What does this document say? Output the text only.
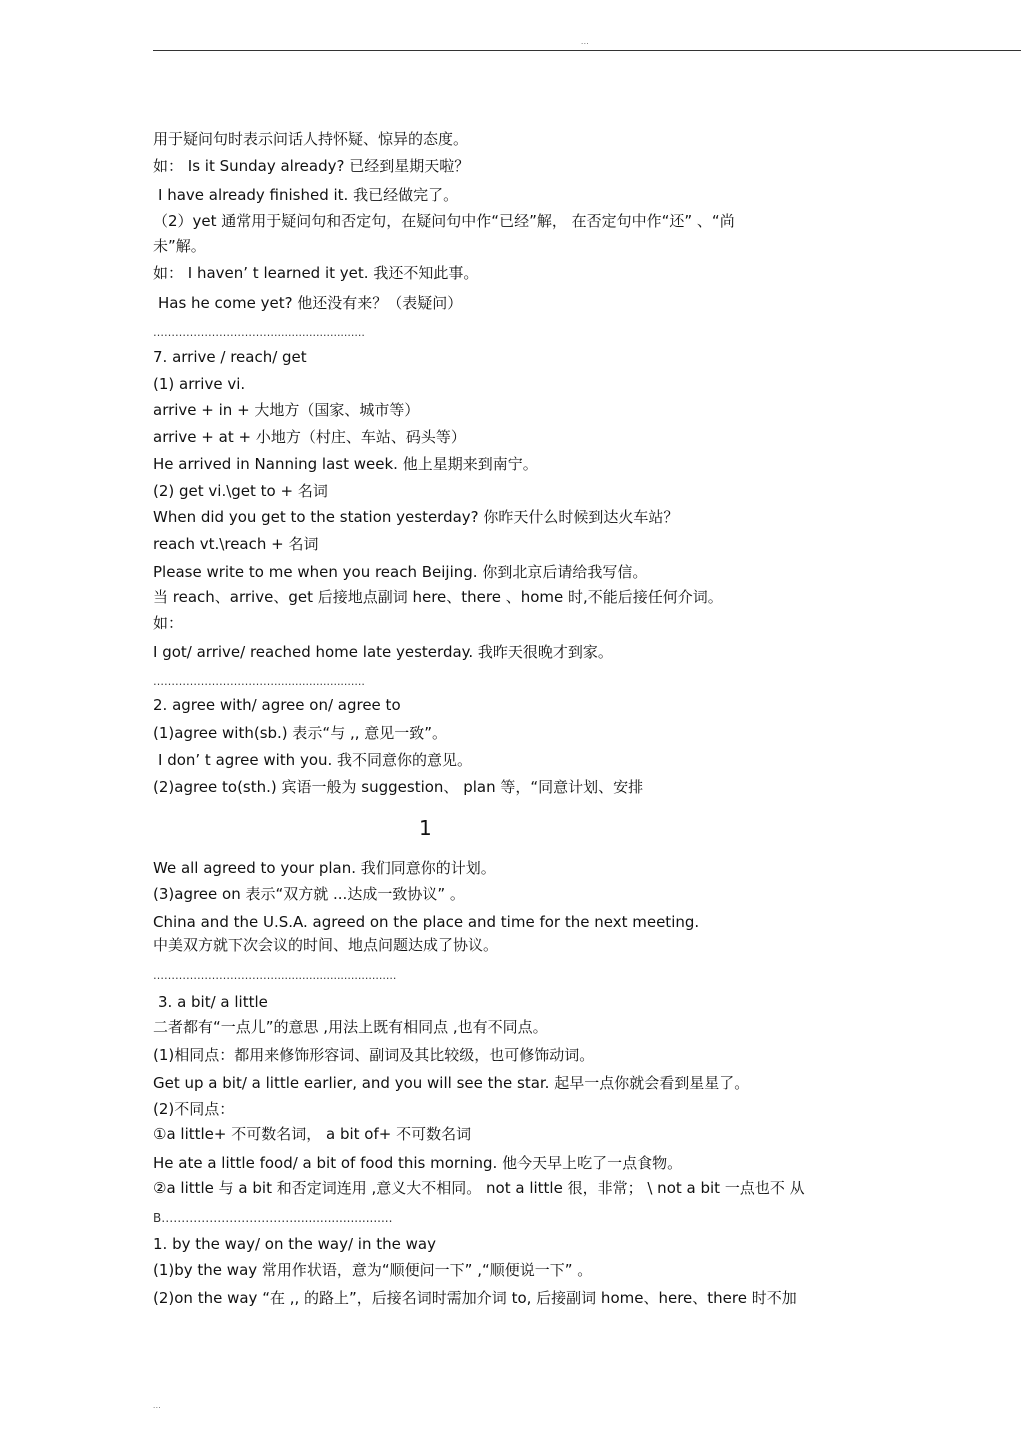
...
用于疑问句时表示问话人持怀疑、惊异的态度。
如： Is it Sunday already? 已经到星期天啦？
I have already finished it. 我已经做完了。
（2）yet 通常用于疑问句和否定句，在疑问句中作“已经”解， 在否定句中作“还” 、“尚
未”解。
如： I haven’ t learned it yet. 我还不知此事。
Has he come yet? 他还没有来？（表疑问）
……………………………..........................
7. arrive / reach/ get
(1) arrive vi.
arrive + in + 大地方（国家、城市等）
arrive + at + 小地方（村庄、车站、码头等）
He arrived in Nanning last week. 他上星期来到南宁。
(2) get vi.\get to + 名词
When did you get to the station yesterday? 你昨天什么时候到达火车站？
reach vt.\reach + 名词
Please write to me when you reach Beijing. 你到北京后请给我写信。
当 reach、arrive、get 后接地点副词 here、there 、home 时,不能后接任何介词。
如：
I got/ arrive/ reached home late yesterday. 我昨天很晚才到家。
……………………………..........................
2. agree with/ agree on/ agree to
(1)agree with(sb.) 表示“与 ,, 意见一致”。
I don’ t agree with you. 我不同意你的意见。
(2)agree to(sth.) 宾语一般为 suggestion、 plan 等，“同意计划、安排
1
We all agreed to your plan. 我们同意你的计划。
(3)agree on 表示“双方就 ...达成一致协议” 。
China and the U.S.A. agreed on the place and time for the next meeting.
中美双方就下次会议的时间、地点问题达成了协议。
……………………………...................................
3. a bit/ a little
二者都有“一点儿”的意思 ,用法上既有相同点 ,也有不同点。
(1)相同点：都用来修饰形容词、副词及其比较级，也可修饰动词。
Get up a bit/ a little earlier, and you will see the star. 起早一点你就会看到星星了。
(2)不同点：
①a little+ 不可数名词， a bit of+ 不可数名词
He ate a little food/ a bit of food this morning. 他今天早上吃了一点食物。
②a little 与 a bit 和否定词连用 ,意义大不相同。 not a little 很，非常； \ not a bit 一点也不 从
B……………………………..........................
1. by the way/ on the way/ in the way
(1)by the way 常用作状语，意为“顺便问一下” ,“顺便说一下” 。
(2)on the way “在 ,, 的路上”，后接名词时需加介词 to, 后接副词 home、here、there 时不加
...
